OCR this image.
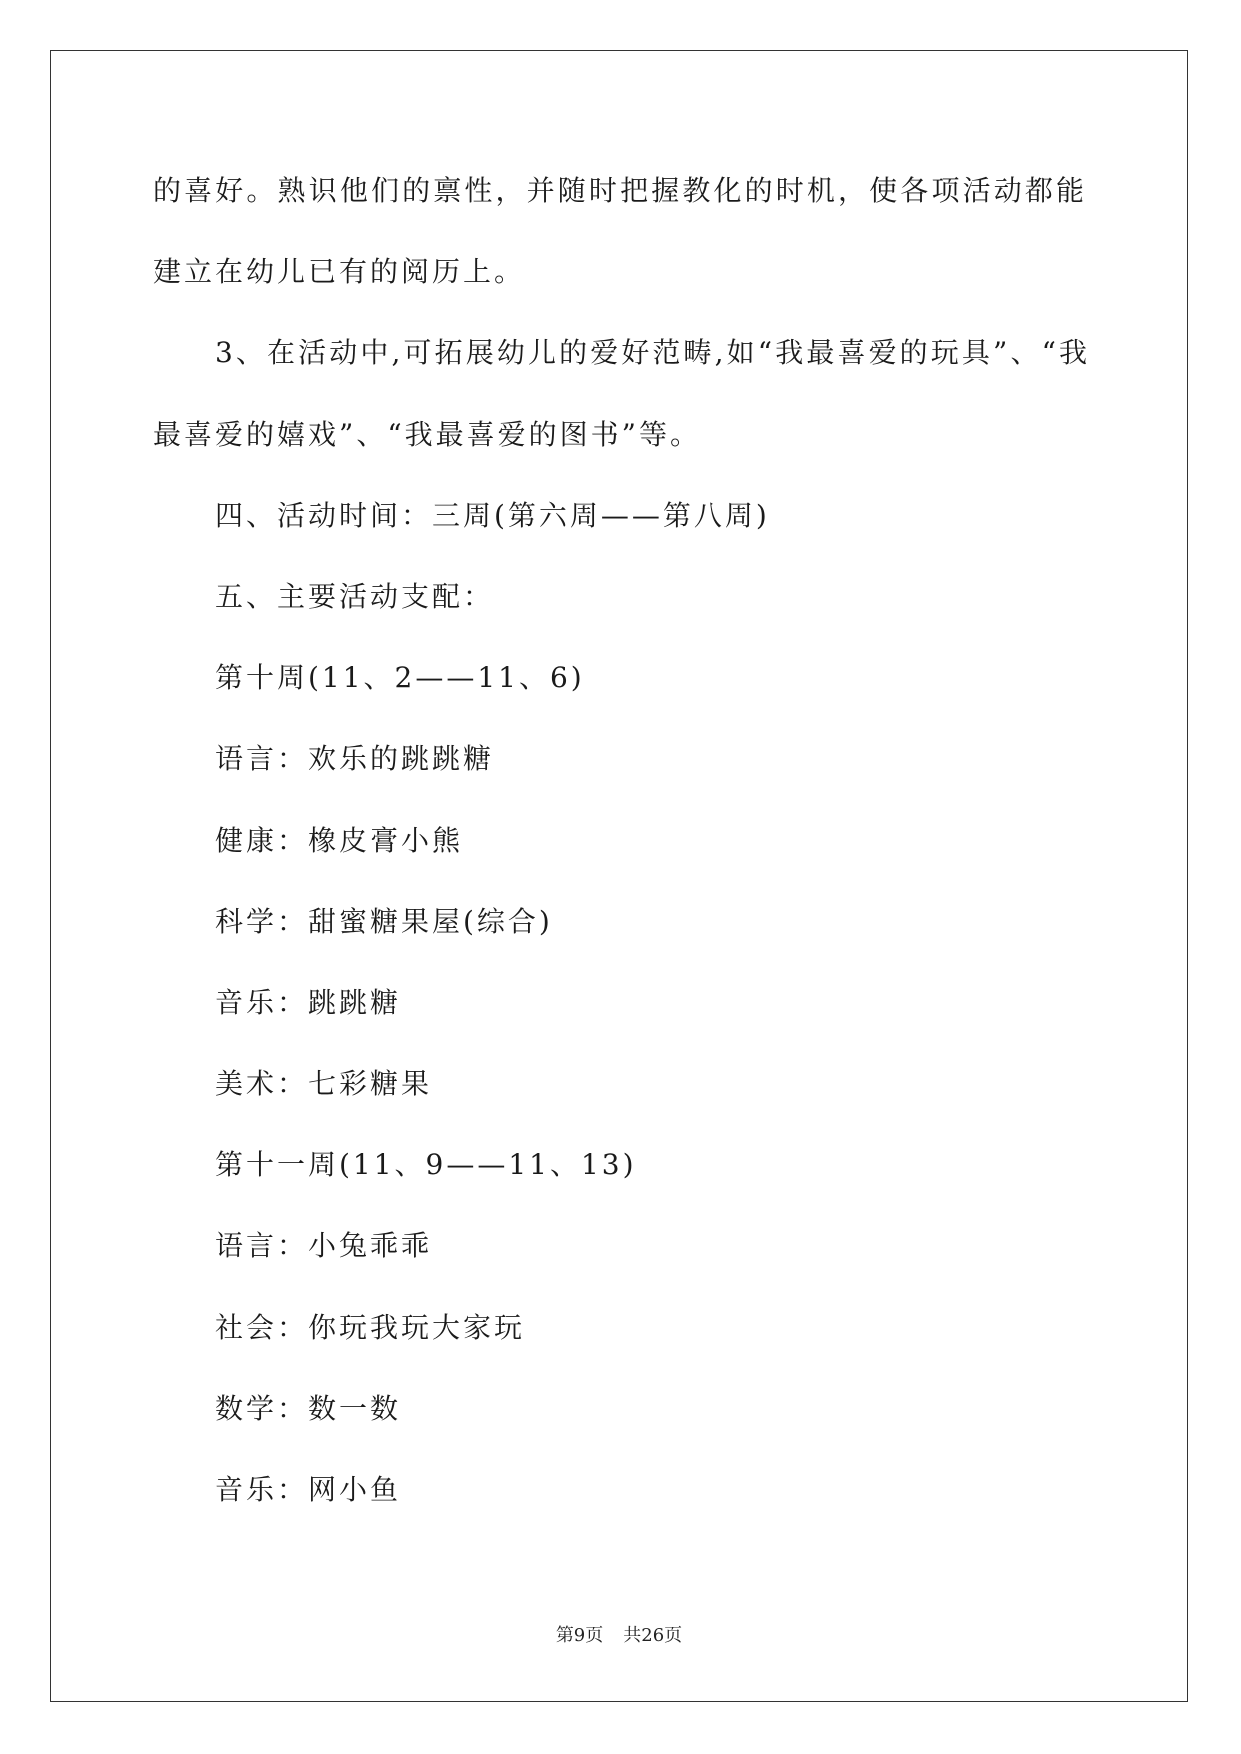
的喜好。熟识他们的禀性，并随时把握教化的时机，使各项活动都能
建立在幼儿已有的阅历上。
3、在活动中,可拓展幼儿的爱好范畴,如“我最喜爱的玩具”、“我
最喜爱的嬉戏”、“我最喜爱的图书”等。
四、活动时间：三周(第六周——第八周)
五、主要活动支配：
第十周(11、2——11、6)
语言：欢乐的跳跳糖
健康：橡皮膏小熊
科学：甜蜜糖果屋(综合)
音乐：跳跳糖
美术：七彩糖果
第十一周(11、9——11、13)
语言：小兔乖乖
社会：你玩我玩大家玩
数学：数一数
音乐：网小鱼
第9页 共26页
